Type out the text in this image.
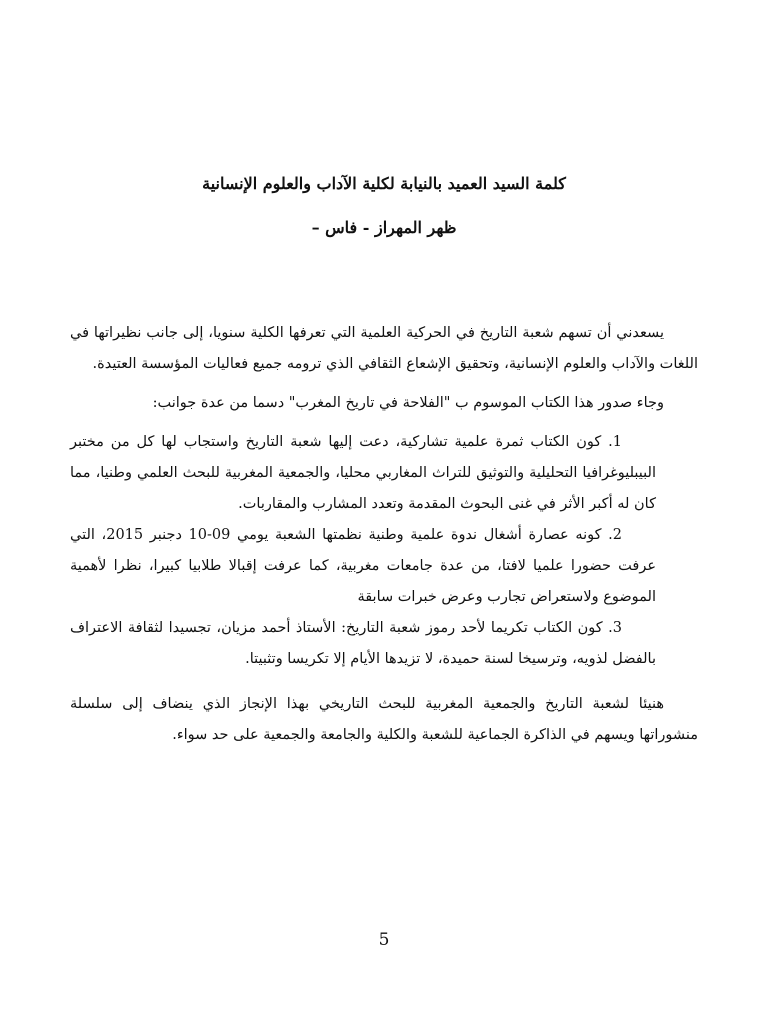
كلمة السيد العميد بالنيابة لكلية الآداب والعلوم الإنسانية
ظهر المهراز - فاس –

يسعدني أن تسهم شعبة التاريخ في الحركية العلمية التي تعرفها الكلية سنويا، إلى جانب نظيراتها في اللغات والآداب والعلوم الإنسانية، وتحقيق الإشعاع الثقافي الذي ترومه جميع فعاليات المؤسسة العتيدة.

وجاء صدور هذا الكتاب الموسوم ب "الفلاحة في تاريخ المغرب" دسما من عدة جوانب:

1. كون الكتاب ثمرة علمية تشاركية، دعت إليها شعبة التاريخ واستجاب لها كل من مختبر البيبليوغرافيا التحليلية والتوثيق للتراث المغاربي محليا، والجمعية المغربية للبحث العلمي وطنيا، مما كان له أكبر الأثر في غنى البحوث المقدمة وتعدد المشارب والمقاربات.
2. كونه عصارة أشغال ندوة علمية وطنية نظمتها الشعبة يومي 09-10 دجنبر 2015، التي عرفت حضورا علميا لافتا، من عدة جامعات مغربية، كما عرفت إقبالا طلابيا كبيرا، نظرا لأهمية الموضوع ولاستعراض تجارب وعرض خبرات سابقة
3. كون الكتاب تكريما لأحد رموز شعبة التاريخ: الأستاذ أحمد مزيان، تجسيدا لثقافة الاعتراف بالفضل لذويه، وترسيخا لسنة حميدة، لا تزيدها الأيام إلا تكريسا وتثبيتا.

هنيئا لشعبة التاريخ والجمعية المغربية للبحث التاريخي بهذا الإنجاز الذي ينضاف إلى سلسلة منشوراتها ويسهم في الذاكرة الجماعية للشعبة والكلية والجامعة والجمعية على حد سواء.

5
